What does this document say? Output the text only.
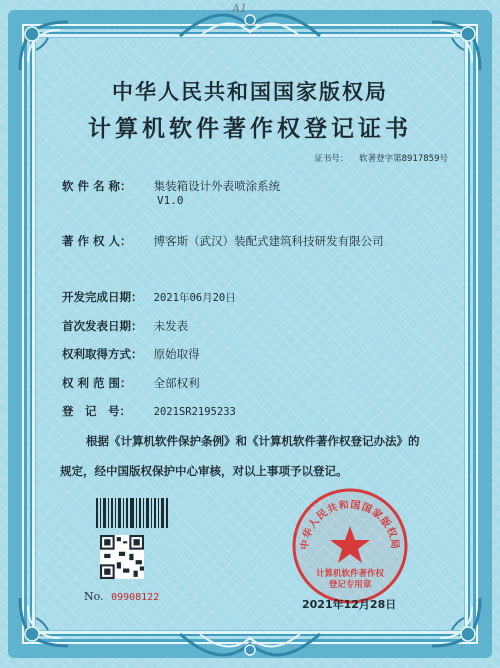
A1
中华人民共和国国家版权局
计算机软件著作权登记证书
证书号： 软著登字第8917859号
软 件 名 称： 集装箱设计外表喷涂系统
V1.0
著 作 权 人： 博客斯（武汉）装配式建筑科技研发有限公司
开发完成日期： 2021年06月20日
首次发表日期： 未发表
权利取得方式： 原始取得
权 利 范 围： 全部权利
登　记　号： 2021SR2195233
根据《计算机软件保护条例》和《计算机软件著作权登记办法》的
规定，经中国版权保护中心审核，对以上事项予以登记。
No. 09908122
中华人民共和国国家版权局
计算机软件著作权
登记专用章
2021年12月28日
